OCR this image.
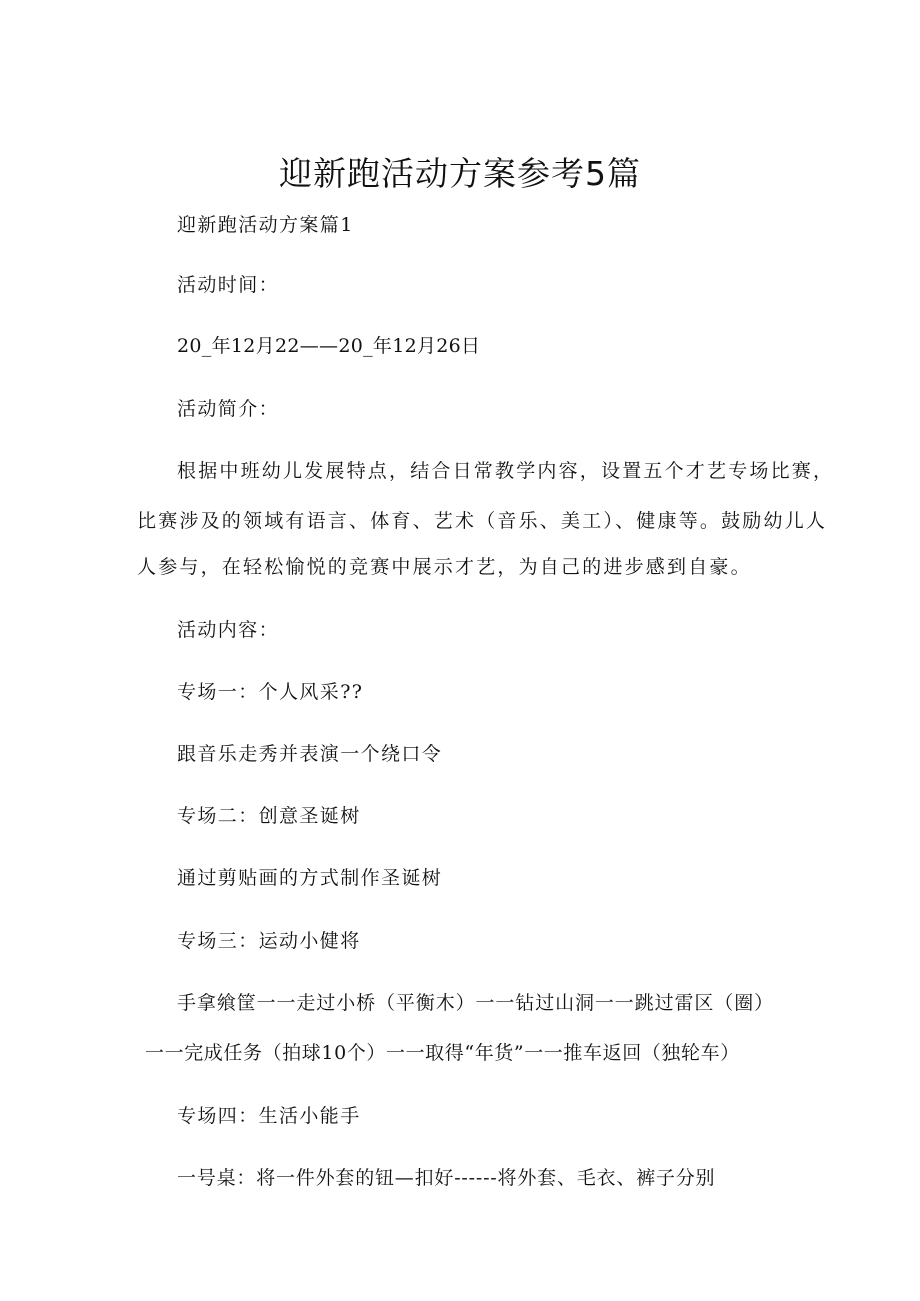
迎新跑活动方案参考5篇

迎新跑活动方案篇1

活动时间：

20_年12月22——20_年12月26日

活动简介：

根据中班幼儿发展特点，结合日常教学内容，设置五个才艺专场比赛，

比赛涉及的领域有语言、体育、艺术（音乐、美工）、健康等。鼓励幼儿人

人参与，在轻松愉悦的竞赛中展示才艺，为自己的进步感到自豪。

活动内容：

专场一：个人风采??

跟音乐走秀并表演一个绕口令

专场二：创意圣诞树

通过剪贴画的方式制作圣诞树

专场三：运动小健将

手拿飨筐一一走过小桥（平衡木）一一钻过山洞一一跳过雷区（圈）

一一完成任务（拍球10个）一一取得“年货”一一推车返回（独轮车）

专场四：生活小能手

一号桌：将一件外套的钮—扣好------将外套、毛衣、裤子分别
